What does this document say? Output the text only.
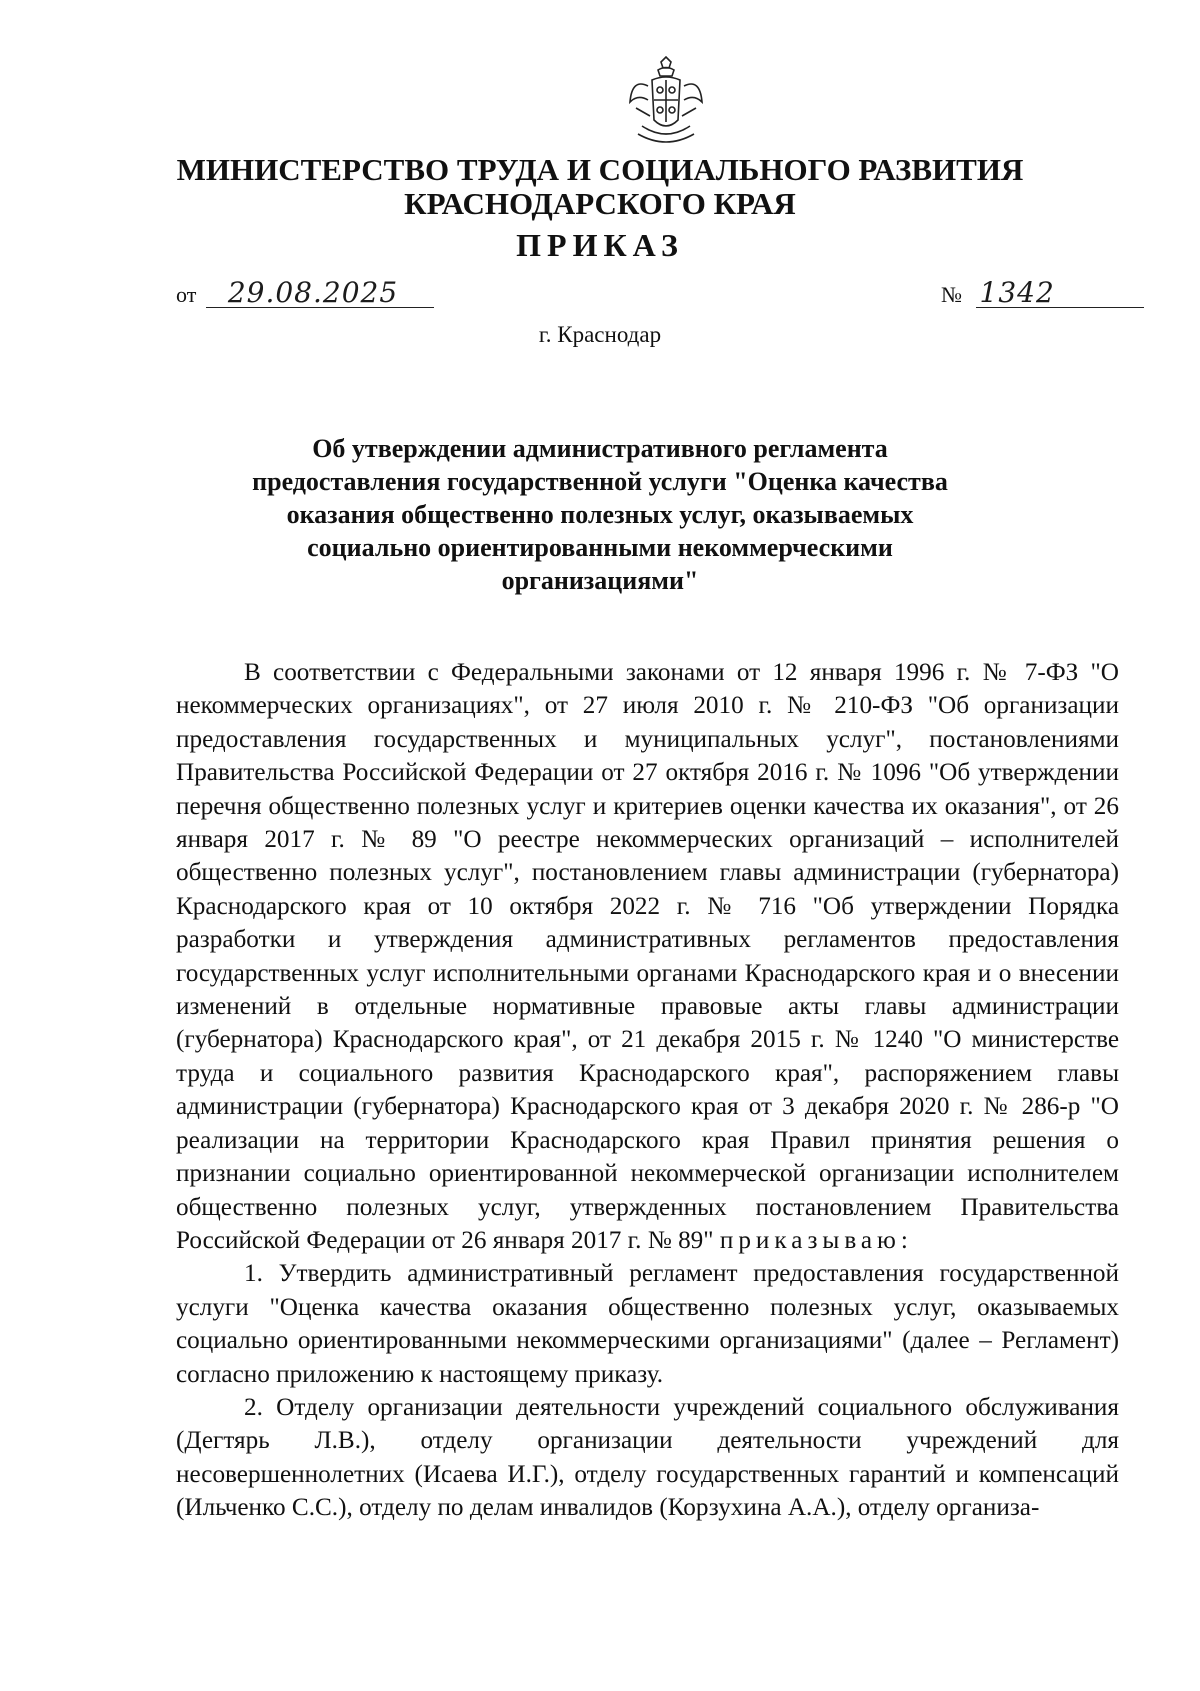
МИНИСТЕРСТВО ТРУДА И СОЦИАЛЬНОГО РАЗВИТИЯ
КРАСНОДАРСКОГО КРАЯ
ПРИКАЗ
от 29.08.2025	№ 1342
г. Краснодар
Об утверждении административного регламента предоставления государственной услуги "Оценка качества оказания общественно полезных услуг, оказываемых социально ориентированными некоммерческими организациями"

В соответствии с Федеральными законами от 12 января 1996 г. № 7-ФЗ "О некоммерческих организациях", от 27 июля 2010 г. № 210-ФЗ "Об организации предоставления государственных и муниципальных услуг", постановлениями Правительства Российской Федерации от 27 октября 2016 г. № 1096 "Об утверждении перечня общественно полезных услуг и критериев оценки качества их оказания", от 26 января 2017 г. № 89 "О реестре некоммерческих организаций – исполнителей общественно полезных услуг", постановлением главы администрации (губернатора) Краснодарского края от 10 октября 2022 г. № 716 "Об утверждении Порядка разработки и утверждения административных регламентов предоставления государственных услуг исполнительными органами Краснодарского края и о внесении изменений в отдельные нормативные правовые акты главы администрации (губернатора) Краснодарского края", от 21 декабря 2015 г. № 1240 "О министерстве труда и социального развития Краснодарского края", распоряжением главы администрации (губернатора) Краснодарского края от 3 декабря 2020 г. № 286-р "О реализации на территории Краснодарского края Правил принятия решения о признании социально ориентированной некоммерческой организации исполнителем общественно полезных услуг, утвержденных постановлением Правительства Российской Федерации от 26 января 2017 г. № 89" приказываю:

1. Утвердить административный регламент предоставления государственной услуги "Оценка качества оказания общественно полезных услуг, оказываемых социально ориентированными некоммерческими организациями" (далее – Регламент) согласно приложению к настоящему приказу.

2. Отделу организации деятельности учреждений социального обслуживания (Дегтярь Л.В.), отделу организации деятельности учреждений для несовершеннолетних (Исаева И.Г.), отделу государственных гарантий и компенсаций (Ильченко С.С.), отделу по делам инвалидов (Корзухина А.А.), отделу организа-
